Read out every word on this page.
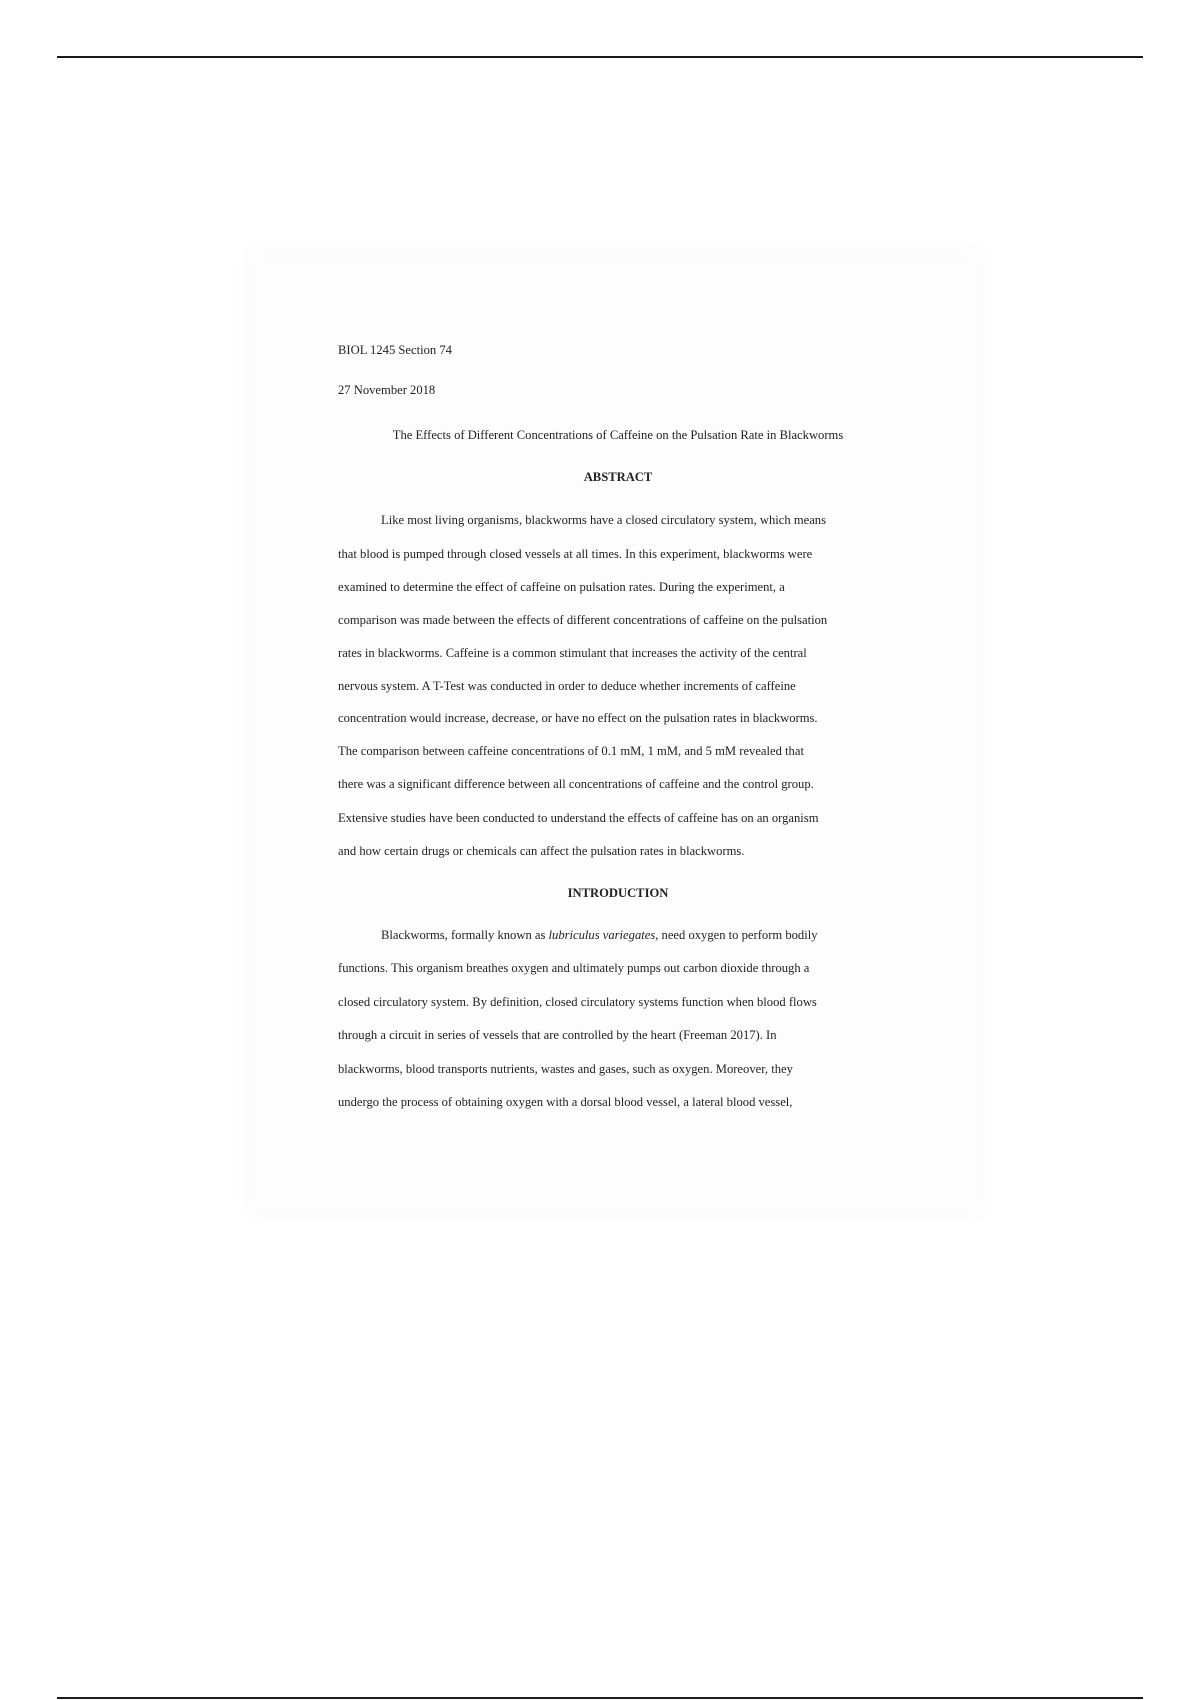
BIOL 1245 Section 74
27 November 2018
The Effects of Different Concentrations of Caffeine on the Pulsation Rate in Blackworms
ABSTRACT
Like most living organisms, blackworms have a closed circulatory system, which means
that blood is pumped through closed vessels at all times. In this experiment, blackworms were
examined to determine the effect of caffeine on pulsation rates. During the experiment, a
comparison was made between the effects of different concentrations of caffeine on the pulsation
rates in blackworms. Caffeine is a common stimulant that increases the activity of the central
nervous system. A T-Test was conducted in order to deduce whether increments of caffeine
concentration would increase, decrease, or have no effect on the pulsation rates in blackworms.
The comparison between caffeine concentrations of 0.1 mM, 1 mM, and 5 mM revealed that
there was a significant difference between all concentrations of caffeine and the control group.
Extensive studies have been conducted to understand the effects of caffeine has on an organism
and how certain drugs or chemicals can affect the pulsation rates in blackworms.
INTRODUCTION
Blackworms, formally known as lubriculus variegates, need oxygen to perform bodily
functions. This organism breathes oxygen and ultimately pumps out carbon dioxide through a
closed circulatory system. By definition, closed circulatory systems function when blood flows
through a circuit in series of vessels that are controlled by the heart (Freeman 2017). In
blackworms, blood transports nutrients, wastes and gases, such as oxygen. Moreover, they
undergo the process of obtaining oxygen with a dorsal blood vessel, a lateral blood vessel,
